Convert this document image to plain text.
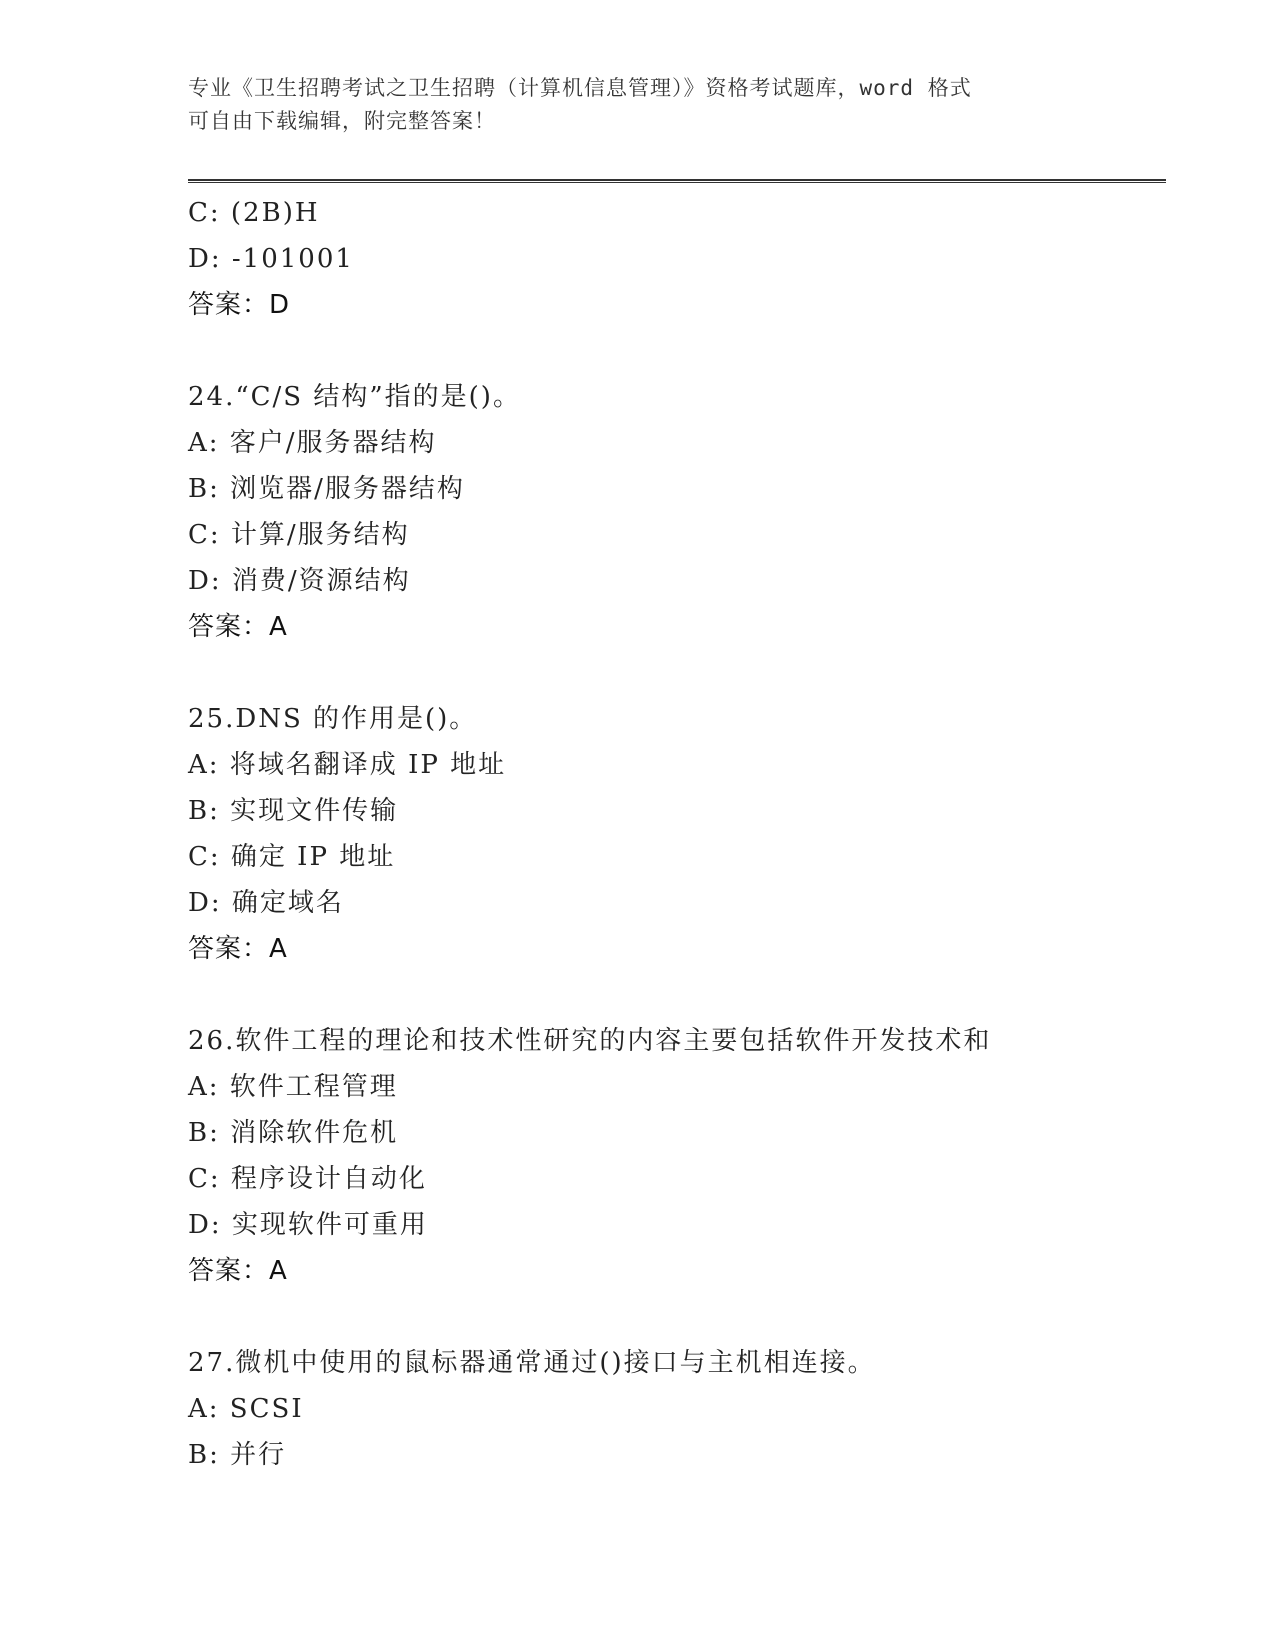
专业《卫生招聘考试之卫生招聘（计算机信息管理）》资格考试题库，word 格式
可自由下载编辑，附完整答案！
C: (2B)H
D: -101001
答案：D
24.“C/S 结构”指的是()。
A: 客户/服务器结构
B: 浏览器/服务器结构
C: 计算/服务结构
D: 消费/资源结构
答案：A
25.DNS 的作用是()。
A: 将域名翻译成 IP 地址
B: 实现文件传输
C: 确定 IP 地址
D: 确定域名
答案：A
26.软件工程的理论和技术性研究的内容主要包括软件开发技术和
A: 软件工程管理
B: 消除软件危机
C: 程序设计自动化
D: 实现软件可重用
答案：A
27.微机中使用的鼠标器通常通过()接口与主机相连接。
A: SCSI
B: 并行
